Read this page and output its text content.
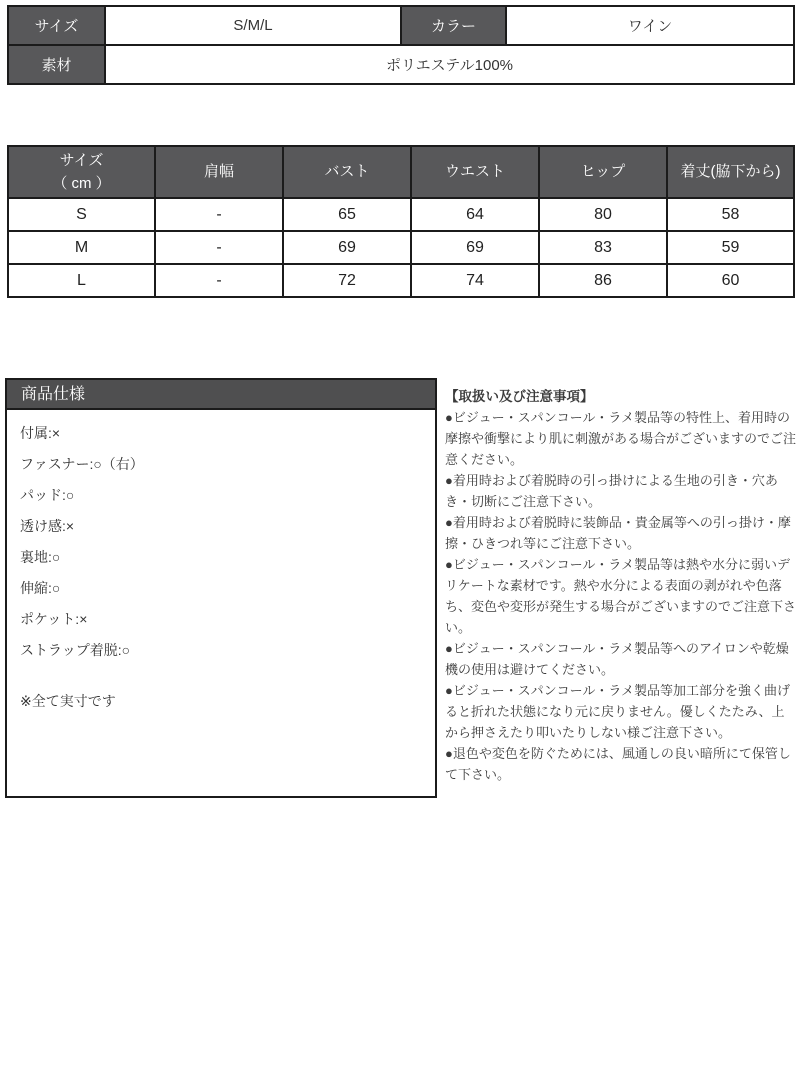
サイズ	S/M/L	カラー	ワイン
素材	ポリエステル100%		
サイズ
（ cm ）	肩幅	バスト	ウエスト	ヒップ	着丈(脇下から)
S	-	65	64	80	58
M	-	69	69	83	59
L	-	72	74	86	60
商品仕様
付属:×
ファスナー:○（右）
パッド:○
透け感:×
裏地:○
伸縮:○
ポケット:×
ストラップ着脱:○
※全て実寸です
【取扱い及び注意事項】

●ビジュー・スパンコール・ラメ製品等の特性上、着用時の摩擦や衝撃により肌に刺激がある場合がございますのでご注意ください。

●着用時および着脱時の引っ掛けによる生地の引き・穴あき・切断にご注意下さい。

●着用時および着脱時に装飾品・貴金属等への引っ掛け・摩擦・ひきつれ等にご注意下さい。

●ビジュー・スパンコール・ラメ製品等は熱や水分に弱いデリケートな素材です。熱や水分による表面の剥がれや色落ち、変色や変形が発生する場合がございますのでご注意下さい。

●ビジュー・スパンコール・ラメ製品等へのアイロンや乾燥機の使用は避けてください。

●ビジュー・スパンコール・ラメ製品等加工部分を強く曲げると折れた状態になり元に戻りません。優しくたたみ、上から押さえたり叩いたりしない様ご注意下さい。

●退色や変色を防ぐためには、風通しの良い暗所にて保管して下さい。
